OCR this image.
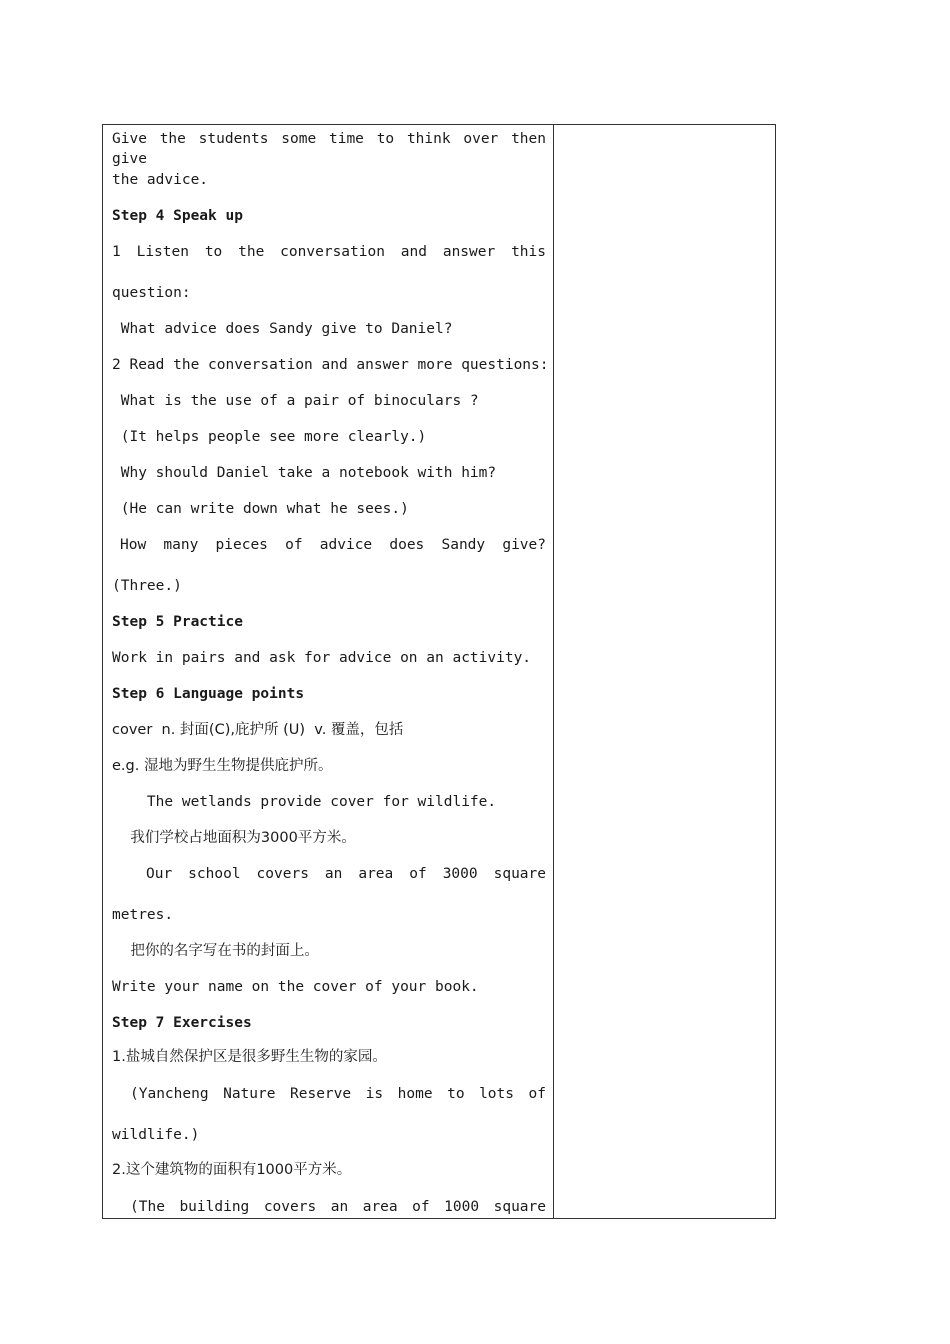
Give the students some time to think over then give
the advice.
Step 4 Speak up
1 Listen to the conversation and answer this
question:
What advice does Sandy give to Daniel?
2 Read the conversation and answer more questions:
What is the use of a pair of binoculars ?
(It helps people see more clearly.)
Why should Daniel take a notebook with him?
(He can write down what he sees.)
How many pieces of advice does Sandy give?
(Three.)
Step 5 Practice
Work in pairs and ask for advice on an activity.
Step 6 Language points
cover  n. 封面(C),庇护所 (U)  v. 覆盖，包括
e.g. 湿地为野生生物提供庇护所。
The wetlands provide cover for wildlife.
我们学校占地面积为3000平方米。
Our school covers an area of 3000 square
metres.
把你的名字写在书的封面上。
Write your name on the cover of your book.
Step 7 Exercises
1.盐城自然保护区是很多野生生物的家园。
(Yancheng Nature Reserve is home to lots of
wildlife.)
2.这个建筑物的面积有1000平方米。
(The building covers an area of 1000 square
